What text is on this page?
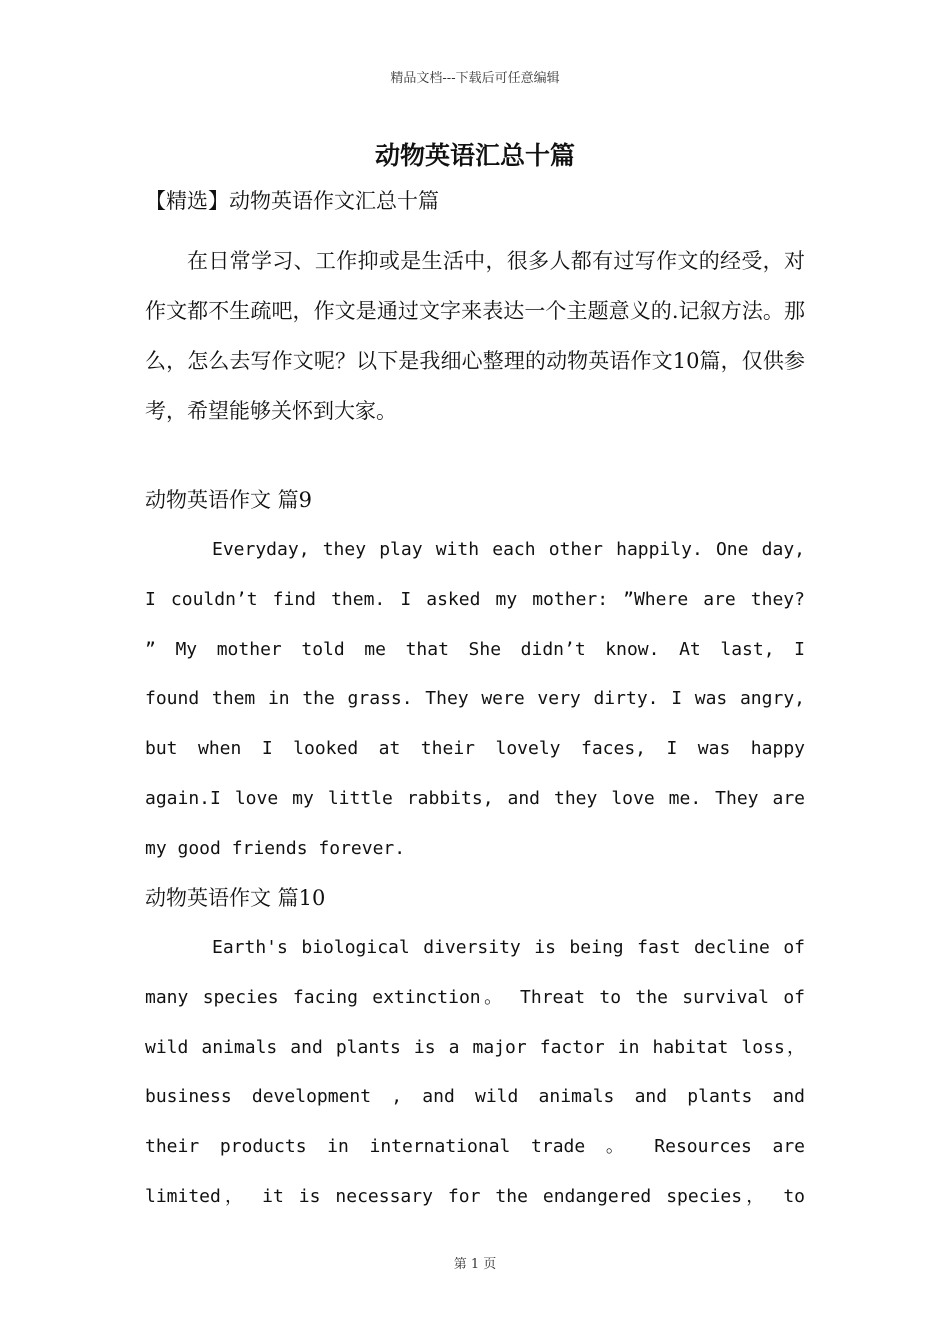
精品文档---下载后可任意编辑
动物英语汇总十篇
【精选】动物英语作文汇总十篇
在日常学习、工作抑或是生活中，很多人都有过写作文的经受，对作文都不生疏吧，作文是通过文字来表达一个主题意义的.记叙方法。那么，怎么去写作文呢？以下是我细心整理的动物英语作文10篇，仅供参考，希望能够关怀到大家。
动物英语作文 篇9
Everyday, they play with each other happily. One day,
I couldn’t find them. I asked my mother: ”Where are they?
” My mother told me that She didn’t know. At last, I
found them in the grass. They were very dirty. I was angry,
but when I looked at their lovely faces, I was happy
again.I love my little rabbits, and they love me. They are
my good friends forever.
动物英语作文 篇10
Earth's biological diversity is being fast decline of
many species facing extinction。 Threat to the survival of
wild animals and plants is a major factor in habitat loss，
business development , and wild animals and plants and
their products in international trade 。 Resources are
limited， it is necessary for the endangered species， to
第 1 页
